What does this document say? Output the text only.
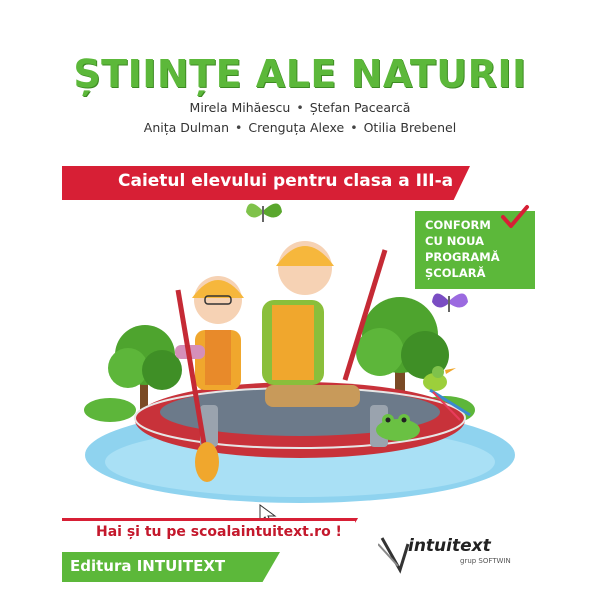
ȘTIINȚE ALE NATURII
Mirela Mihăescu • Ștefan Pacearcă
Anița Dulman • Crenguța Alexe • Otilia Brebenel
Caietul elevului pentru clasa a III-a
CONFORM
CU NOUA
PROGRAMĂ
ȘCOLARĂ
Hai și tu pe scoalaintuitext.ro !
Editura INTUITEXT
intuitext
grup SOFTWIN
